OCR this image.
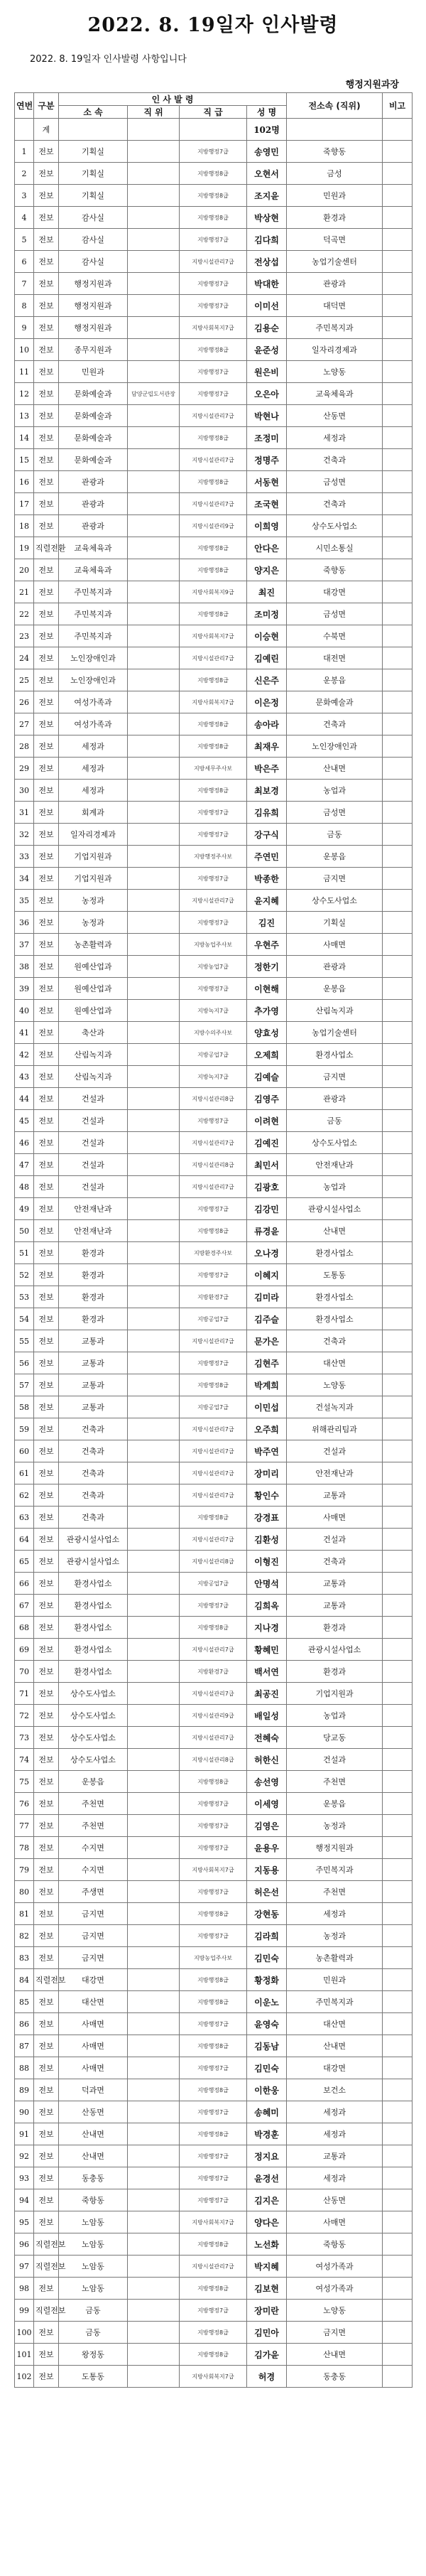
2022. 8. 19일자 인사발령
2022. 8. 19일자 인사발령 사항입니다
행정지원과장
연번	구분	인 사 발 령				전소속 (직위)	비고
		소 속	직 위	직 급	성 명		
	계				102명		
1	전보	기획실		지방행정7급	송영민	죽향동	
2	전보	기획실		지방행정8급	오현서	금성	
3	전보	기획실		지방행정8급	조지윤	민원과	
4	전보	감사실		지방행정8급	박상현	환경과	
5	전보	감사실		지방행정7급	김다희	덕곡면	
6	전보	감사실		지방시설관리7급	전상섭	농업기술센터	
7	전보	행정지원과		지방행정7급	박대한	관광과	
8	전보	행정지원과		지방행정7급	이미선	대덕면	
9	전보	행정지원과		지방사회복지7급	김용순	주민복지과	
10	전보	종무지원과		지방행정8급	윤준성	일자리경제과	
11	전보	민원과		지방행정7급	원은비	노양동	
12	전보	문화예술과	담양군립도서관장	지방행정7급	오은아	교육체육과	
13	전보	문화예술과		지방시설관리7급	박현나	산동면	
14	전보	문화예술과		지방행정8급	조정미	세정과	
15	전보	문화예술과		지방시설관리7급	정명주	건축과	
16	전보	관광과		지방행정8급	서동현	금성면	
17	전보	관광과		지방시설관리7급	조국현	건축과	
18	전보	관광과		지방시설관리9급	이희영	상수도사업소	
19	직렬전환	교육체육과		지방행정8급	안다은	시민소통실	
20	전보	교육체육과		지방행정8급	양지은	죽향동	
21	전보	주민복지과		지방사회복지9급	최진	대강면	
22	전보	주민복지과		지방행정8급	조미정	금성면	
23	전보	주민복지과		지방사회복지7급	이승현	수북면	
24	전보	노인장애인과		지방시설관리7급	김예린	대전면	
25	전보	노인장애인과		지방행정8급	신은주	운봉읍	
26	전보	여성가족과		지방사회복지7급	이은정	문화예술과	
27	전보	여성가족과		지방행정8급	송아라	건축과	
28	전보	세정과		지방행정8급	최재우	노인장애인과	
29	전보	세정과		지방세무주사보	박은주	산내면	
30	전보	세정과		지방행정8급	최보경	농업과	
31	전보	회계과		지방행정7급	김유희	금성면	
32	전보	일자리경제과		지방행정7급	강구식	금동	
33	전보	기업지원과		지방행정주사보	주연민	운봉읍	
34	전보	기업지원과		지방행정7급	박종한	금지면	
35	전보	농정과		지방시설관리7급	윤지혜	상수도사업소	
36	전보	농정과		지방행정7급	김진	기획실	
37	전보	농촌활력과		지방농업주사보	우현주	사매면	
38	전보	원예산업과		지방농업7급	정한기	관광과	
39	전보	원예산업과		지방행정7급	이현해	운봉읍	
40	전보	원예산업과		지방녹지7급	추가영	산림녹지과	
41	전보	축산과		지방수의주사보	양효성	농업기술센터	
42	전보	산림녹지과		지방공업7급	오제희	환경사업소	
43	전보	산림녹지과		지방녹지7급	김예슬	금지면	
44	전보	건설과		지방시설관리8급	김영주	관광과	
45	전보	건설과		지방행정7급	이려현	금동	
46	전보	건설과		지방시설관리7급	김예진	상수도사업소	
47	전보	건설과		지방시설관리8급	최민서	안전재난과	
48	전보	건설과		지방시설관리7급	김광호	농업과	
49	전보	안전재난과		지방행정7급	김강민	관광시설사업소	
50	전보	안전재난과		지방행정8급	류경윤	산내면	
51	전보	환경과		지방환경주사보	오나경	환경사업소	
52	전보	환경과		지방행정7급	이혜지	도통동	
53	전보	환경과		지방환경7급	김미라	환경사업소	
54	전보	환경과		지방공업7급	김주슬	환경사업소	
55	전보	교통과		지방시설관리7급	문가은	건축과	
56	전보	교통과		지방행정7급	김현주	대산면	
57	전보	교통과		지방행정8급	박계희	노양동	
58	전보	교통과		지방공업7급	이민섭	건설녹지과	
59	전보	건축과		지방시설관리7급	오주희	위해관리팀과	
60	전보	건축과		지방시설관리7급	박주연	건설과	
61	전보	건축과		지방시설관리7급	장미리	안전재난과	
62	전보	건축과		지방시설관리7급	황인수	교통과	
63	전보	건축과		지방행정8급	강경표	사매면	
64	전보	관광시설사업소		지방시설관리7급	김환성	건설과	
65	전보	관광시설사업소		지방시설관리8급	이형진	건축과	
66	전보	환경사업소		지방공업7급	안명석	교통과	
67	전보	환경사업소		지방행정7급	김희옥	교통과	
68	전보	환경사업소		지방행정8급	지나경	환경과	
69	전보	환경사업소		지방시설관리7급	황혜민	관광시설사업소	
70	전보	환경사업소		지방환경7급	백서연	환경과	
71	전보	상수도사업소		지방시설관리7급	최공진	기업지원과	
72	전보	상수도사업소		지방시설관리9급	배일성	농업과	
73	전보	상수도사업소		지방시설관리7급	전혜숙	당교동	
74	전보	상수도사업소		지방시설관리8급	허한신	건설과	
75	전보	운봉읍		지방행정8급	송선영	주천면	
76	전보	주천면		지방행정7급	이세영	운봉읍	
77	전보	주천면		지방행정7급	김영은	농정과	
78	전보	수지면		지방행정7급	윤용우	행정지원과	
79	전보	수지면		지방사회복지7급	지동용	주민복지과	
80	전보	주생면		지방행정7급	허은선	주천면	
81	전보	금지면		지방행정8급	강현동	세정과	
82	전보	금지면		지방행정7급	김라희	농정과	
83	전보	금지면		지방농업주사보	김민숙	농촌활력과	
84	직렬전보	대강면		지방행정8급	황정화	민원과	
85	전보	대산면		지방행정8급	이운노	주민복지과	
86	전보	사매면		지방행정7급	윤영숙	대산면	
87	전보	사매면		지방행정8급	김동남	산내면	
88	전보	사매면		지방행정7급	김민숙	대강면	
89	전보	덕과면		지방행정8급	이한웅	보건소	
90	전보	산동면		지방행정7급	송혜미	세정과	
91	전보	산내면		지방행정8급	박경훈	세정과	
92	전보	산내면		지방행정7급	정지요	교통과	
93	전보	동충동		지방행정7급	윤경선	세정과	
94	전보	죽항동		지방행정7급	김지은	산동면	
95	전보	노암동		지방사회복지7급	양다은	사매면	
96	직렬전보	노암동		지방행정8급	노선화	죽항동	
97	직렬전보	노암동		지방시설관리7급	박지혜	여성가족과	
98	전보	노암동		지방행정8급	김보현	여성가족과	
99	직렬전보	금동		지방행정7급	장미란	노양동	
100	전보	금동		지방행정8급	김민아	금지면	
101	전보	왕정동		지방행정8급	김가윤	산내면	
102	전보	도통동		지방사회복지7급	허경	동충동	
